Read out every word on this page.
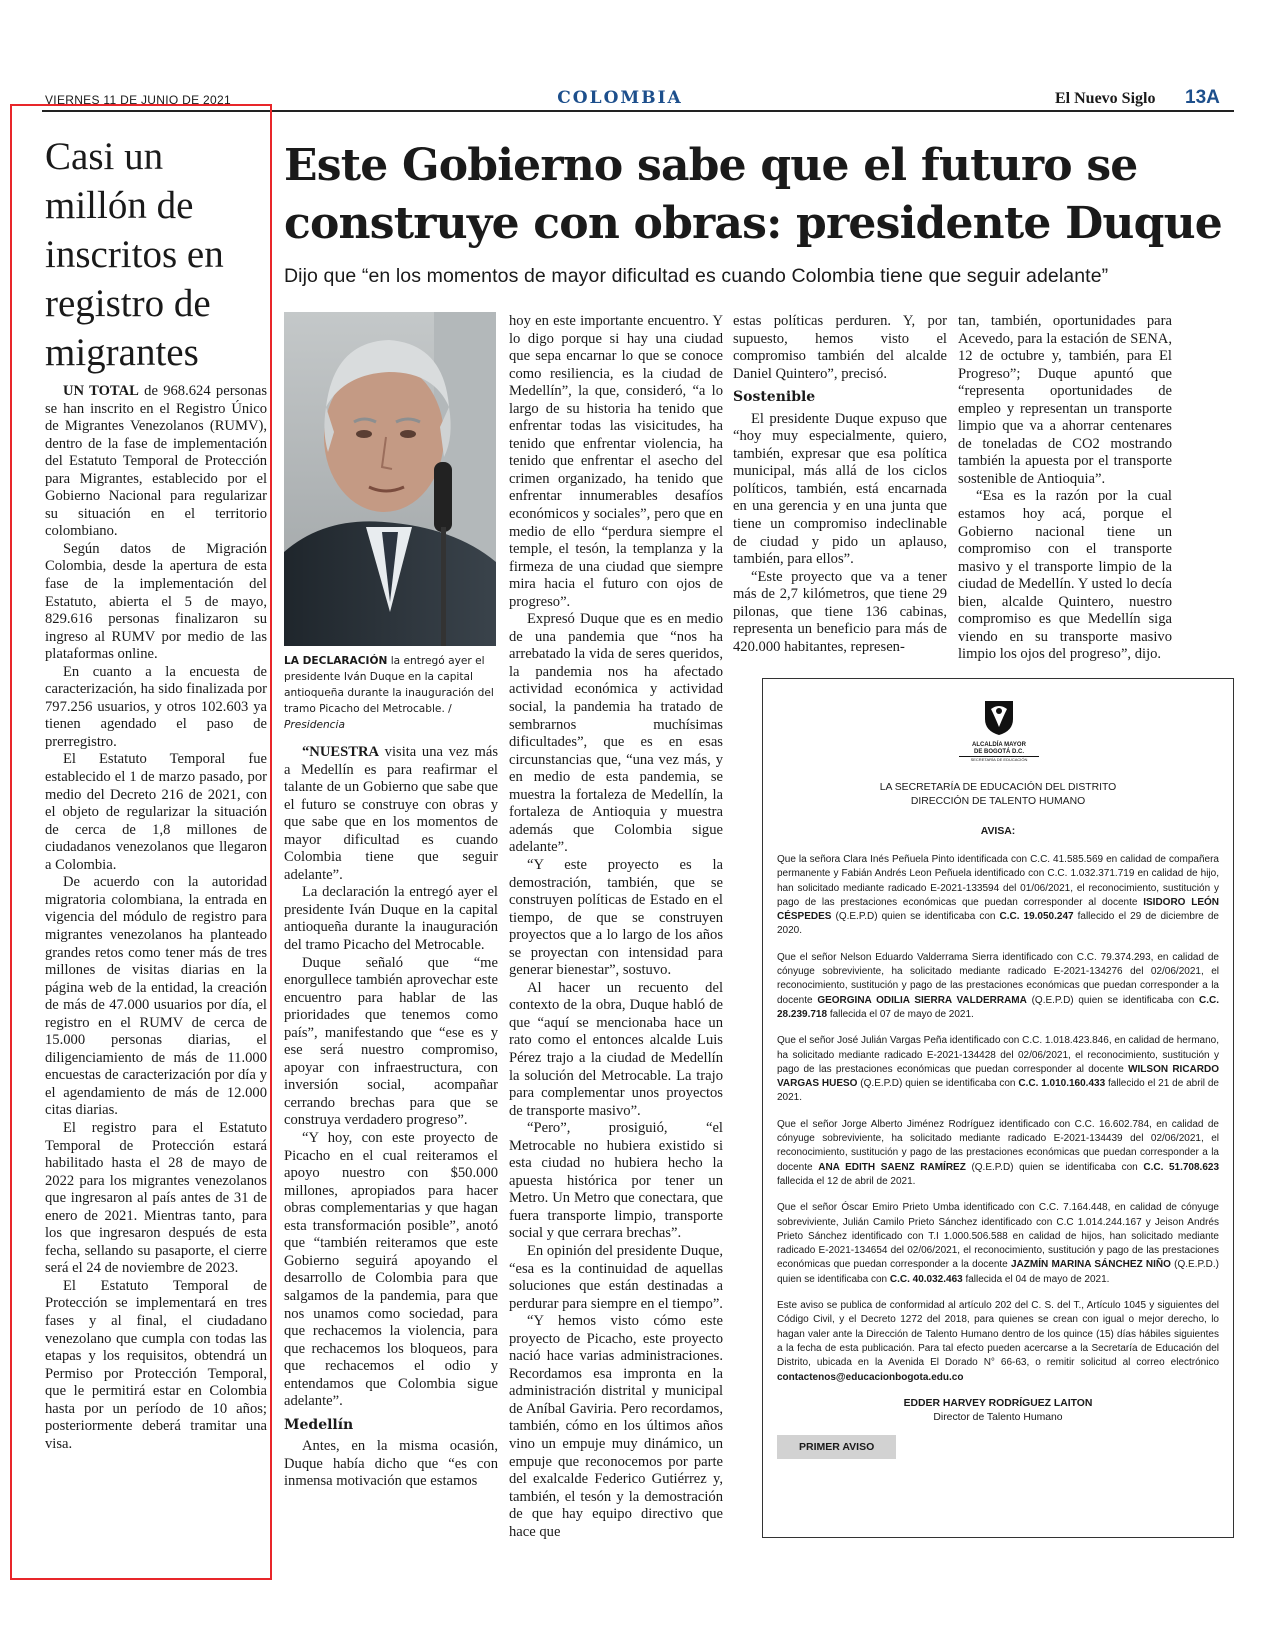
VIERNES 11 DE JUNIO DE 2021	COLOMBIA	El Nuevo Siglo 13A
Casi un millón de inscritos en registro de migrantes

UN TOTAL de 968.624 personas se han inscrito en el Registro Único de Migrantes Venezolanos (RUMV), dentro de la fase de implementación del Estatuto Temporal de Protección para Migrantes, establecido por el Gobierno Nacional para regularizar su situación en el territorio colombiano.

Según datos de Migración Colombia, desde la apertura de esta fase de la implementación del Estatuto, abierta el 5 de mayo, 829.616 personas finalizaron su ingreso al RUMV por medio de las plataformas online.

En cuanto a la encuesta de caracterización, ha sido finalizada por 797.256 usuarios, y otros 102.603 ya tienen agendado el paso de prerregistro.

El Estatuto Temporal fue establecido el 1 de marzo pasado, por medio del Decreto 216 de 2021, con el objeto de regularizar la situación de cerca de 1,8 millones de ciudadanos venezolanos que llegaron a Colombia.

De acuerdo con la autoridad migratoria colombiana, la entrada en vigencia del módulo de registro para migrantes venezolanos ha planteado grandes retos como tener más de tres millones de visitas diarias en la página web de la entidad, la creación de más de 47.000 usuarios por día, el registro en el RUMV de cerca de 15.000 personas diarias, el diligenciamiento de más de 11.000 encuestas de caracterización por día y el agendamiento de más de 12.000 citas diarias.

El registro para el Estatuto Temporal de Protección estará habilitado hasta el 28 de mayo de 2022 para los migrantes venezolanos que ingresaron al país antes de 31 de enero de 2021. Mientras tanto, para los que ingresaron después de esta fecha, sellando su pasaporte, el cierre será el 24 de noviembre de 2023.

El Estatuto Temporal de Protección se implementará en tres fases y al final, el ciudadano venezolano que cumpla con todas las etapas y los requisitos, obtendrá un Permiso por Protección Temporal, que le permitirá estar en Colombia hasta por un período de 10 años; posteriormente deberá tramitar una visa.

Este Gobierno sabe que el futuro se construye con obras: presidente Duque
Dijo que “en los momentos de mayor dificultad es cuando Colombia tiene que seguir adelante”
LA DECLARACIÓN la entregó ayer el presidente Iván Duque en la capital antioqueña durante la inauguración del tramo Picacho del Metrocable. / Presidencia

“NUESTRA visita una vez más a Medellín es para reafirmar el talante de un Gobierno que sabe que el futuro se construye con obras y que sabe que en los momentos de mayor dificultad es cuando Colombia tiene que seguir adelante”.

La declaración la entregó ayer el presidente Iván Duque en la capital antioqueña durante la inauguración del tramo Picacho del Metrocable.

Duque señaló que “me enorgullece también aprovechar este encuentro para hablar de las prioridades que tenemos como país”, manifestando que “ese es y ese será nuestro compromiso, apoyar con infraestructura, con inversión social, acompañar cerrando brechas para que se construya verdadero progreso”.

“Y hoy, con este proyecto de Picacho en el cual reiteramos el apoyo nuestro con $50.000 millones, apropiados para hacer obras complementarias y que hagan esta transformación posible”, anotó que “también reiteramos que este Gobierno seguirá apoyando el desarrollo de Colombia para que salgamos de la pandemia, para que nos unamos como sociedad, para que rechacemos la violencia, para que rechacemos los bloqueos, para que rechacemos el odio y entendamos que Colombia sigue adelante”.

Medellín

Antes, en la misma ocasión, Duque había dicho que “es con inmensa motivación que estamos

hoy en este importante encuentro. Y lo digo porque si hay una ciudad que sepa encarnar lo que se conoce como resiliencia, es la ciudad de Medellín”, la que, consideró, “a lo largo de su historia ha tenido que enfrentar todas las visicitudes, ha tenido que enfrentar violencia, ha tenido que enfrentar el asecho del crimen organizado, ha tenido que enfrentar innumerables desafíos económicos y sociales”, pero que en medio de ello “perdura siempre el temple, el tesón, la templanza y la firmeza de una ciudad que siempre mira hacia el futuro con ojos de progreso”.

Expresó Duque que es en medio de una pandemia que “nos ha arrebatado la vida de seres queridos, la pandemia nos ha afectado actividad económica y actividad social, la pandemia ha tratado de sembrarnos muchísimas dificultades”, que es en esas circunstancias que, “una vez más, y en medio de esta pandemia, se muestra la fortaleza de Medellín, la fortaleza de Antioquia y muestra además que Colombia sigue adelante”.

“Y este proyecto es la demostración, también, que se construyen políticas de Estado en el tiempo, de que se construyen proyectos que a lo largo de los años se proyectan con intensidad para generar bienestar”, sostuvo.

Al hacer un recuento del contexto de la obra, Duque habló de que “aquí se mencionaba hace un rato como el entonces alcalde Luis Pérez trajo a la ciudad de Medellín la solución del Metrocable. La trajo para complementar unos proyectos de transporte masivo”.

“Pero”, prosiguió, “el Metrocable no hubiera existido si esta ciudad no hubiera hecho la apuesta histórica por tener un Metro. Un Metro que conectara, que fuera transporte limpio, transporte social y que cerrara brechas”.

En opinión del presidente Duque, “esa es la continuidad de aquellas soluciones que están destinadas a perdurar para siempre en el tiempo”.

“Y hemos visto cómo este proyecto de Picacho, este proyecto nació hace varias administraciones. Recordamos esa impronta en la administración distrital y municipal de Aníbal Gaviria. Pero recordamos, también, cómo en los últimos años vino un empuje muy dinámico, un empuje que reconocemos por parte del exalcalde Federico Gutiérrez y, también, el tesón y la demostración de que hay equipo directivo que hace que

estas políticas perduren. Y, por supuesto, hemos visto el compromiso también del alcalde Daniel Quintero”, precisó.

Sostenible

El presidente Duque expuso que “hoy muy especialmente, quiero, también, expresar que esa política municipal, más allá de los ciclos políticos, también, está encarnada en una gerencia y en una junta que tiene un compromiso indeclinable de ciudad y pido un aplauso, también, para ellos”.

“Este proyecto que va a tener más de 2,7 kilómetros, que tiene 29 pilonas, que tiene 136 cabinas, representa un beneficio para más de 420.000 habitantes, represen-

tan, también, oportunidades para Acevedo, para la estación de SENA, 12 de octubre y, también, para El Progreso”; Duque apuntó que “representa oportunidades de empleo y representan un transporte limpio que va a ahorrar centenares de toneladas de CO2 mostrando también la apuesta por el transporte sostenible de Antioquia”.

“Esa es la razón por la cual estamos hoy acá, porque el Gobierno nacional tiene un compromiso con el transporte masivo y el transporte limpio de la ciudad de Medellín. Y usted lo decía bien, alcalde Quintero, nuestro compromiso es que Medellín siga viendo en su transporte masivo limpio los ojos del progreso”, dijo.

ALCALDÍA MAYOR
DE BOGOTÁ D.C.
SECRETARÍA DE EDUCACIÓN
LA SECRETARÍA DE EDUCACIÓN DEL DISTRITO
DIRECCIÓN DE TALENTO HUMANO
AVISA:

Que la señora Clara Inés Peñuela Pinto identificada con C.C. 41.585.569 en calidad de compañera permanente y Fabián Andrés Leon Peñuela identificado con C.C. 1.032.371.719 en calidad de hijo, han solicitado mediante radicado E-2021-133594 del 01/06/2021, el reconocimiento, sustitución y pago de las prestaciones económicas que puedan corresponder al docente ISIDORO LEÓN CÉSPEDES (Q.E.P.D) quien se identificaba con C.C. 19.050.247 fallecido el 29 de diciembre de 2020.

Que el señor Nelson Eduardo Valderrama Sierra identificado con C.C. 79.374.293, en calidad de cónyuge sobreviviente, ha solicitado mediante radicado E-2021-134276 del 02/06/2021, el reconocimiento, sustitución y pago de las prestaciones económicas que puedan corresponder a la docente GEORGINA ODILIA SIERRA VALDERRAMA (Q.E.P.D) quien se identificaba con C.C. 28.239.718 fallecida el 07 de mayo de 2021.

Que el señor José Julián Vargas Peña identificado con C.C. 1.018.423.846, en calidad de hermano, ha solicitado mediante radicado E-2021-134428 del 02/06/2021, el reconocimiento, sustitución y pago de las prestaciones económicas que puedan corresponder al docente WILSON RICARDO VARGAS HUESO (Q.E.P.D) quien se identificaba con C.C. 1.010.160.433 fallecido el 21 de abril de 2021.

Que el señor Jorge Alberto Jiménez Rodríguez identificado con C.C. 16.602.784, en calidad de cónyuge sobreviviente, ha solicitado mediante radicado E-2021-134439 del 02/06/2021, el reconocimiento, sustitución y pago de las prestaciones económicas que puedan corresponder a la docente ANA EDITH SAENZ RAMÍREZ (Q.E.P.D) quien se identificaba con C.C. 51.708.623 fallecida el 12 de abril de 2021.

Que el señor Óscar Emiro Prieto Umba identificado con C.C. 7.164.448, en calidad de cónyuge sobreviviente, Julián Camilo Prieto Sánchez identificado con C.C 1.014.244.167 y Jeison Andrés Prieto Sánchez identificado con T.I 1.000.506.588 en calidad de hijos, han solicitado mediante radicado E-2021-134654 del 02/06/2021, el reconocimiento, sustitución y pago de las prestaciones económicas que puedan corresponder a la docente JAZMÍN MARINA SÁNCHEZ NIÑO (Q.E.P.D.) quien se identificaba con C.C. 40.032.463 fallecida el 04 de mayo de 2021.

Este aviso se publica de conformidad al artículo 202 del C. S. del T., Artículo 1045 y siguientes del Código Civil, y el Decreto 1272 del 2018, para quienes se crean con igual o mejor derecho, lo hagan valer ante la Dirección de Talento Humano dentro de los quince (15) días hábiles siguientes a la fecha de esta publicación. Para tal efecto pueden acercarse a la Secretaría de Educación del Distrito, ubicada en la Avenida El Dorado N° 66-63, o remitir solicitud al correo electrónico contactenos@educacionbogota.edu.co

EDDER HARVEY RODRÍGUEZ LAITON
Director de Talento Humano
PRIMER AVISO
